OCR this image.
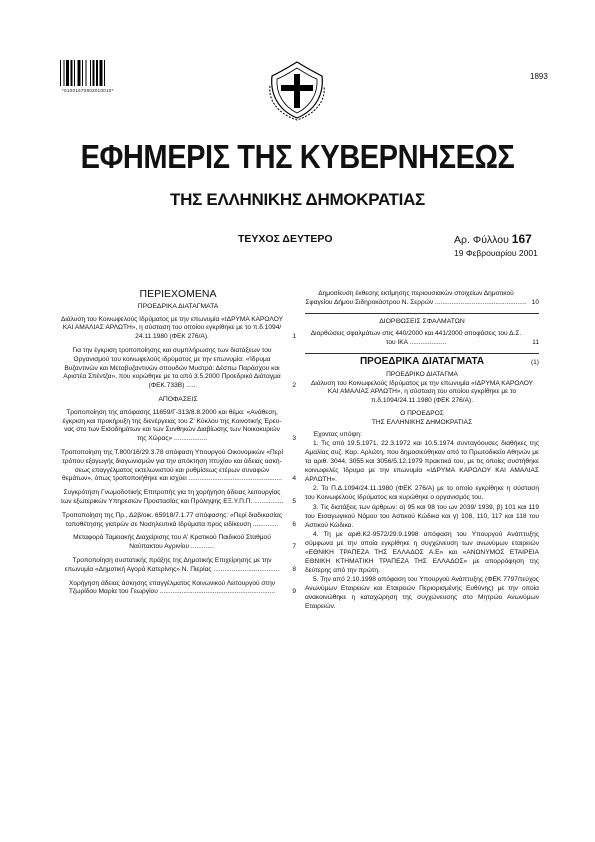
*01001670802010010*
1893
ΕΦΗΜΕΡΙΣ ΤΗΣ ΚΥΒΕΡΝΗΣΕΩΣ
ΤΗΣ ΕΛΛΗΝΙΚΗΣ ΔΗΜΟΚΡΑΤΙΑΣ
ΤΕΥΧΟΣ ΔΕΥΤΕΡΟ	Αρ. Φύλλου 167
19 Φεβρουαρίου 2001
ΠΕΡΙΕΧΟΜΕΝΑ
ΠΡΟΕΔΡΙΚΑ ΔΙΑΤΑΓΜΑΤΑ
Διάλυση του Κοινωφελούς Ιδρύματος με την επωνυμία «ΙΔΡΥΜΑ ΚΑΡΟΛΟΥ ΚΑΙ ΑΜΑΛΙΑΣ ΑΡΛΩΤΗ», η σύσταση του οποίου εγκρίθηκε με το π.δ.1094/ 24.11.1980 (ΦΕΚ 276/Α).	1
Για την έγκριση τροποποίησης και συμπλήρωσης των διατάξεων του Οργανισμού του κοινωφελούς ιδρύματος με την επωνυμία: «Ίδρυμα Βυζαντινών και Μεταβυζαντινών σπουδών Μυστρά: Δέσπω Παράσχου και Αριστέα Σπέντζα», που κυρώθηκε με το από 3.5.2000 Προεδρικό Διάταγμα (ΦΕΚ.733Β) .....	2
ΑΠΟΦΑΣΕΙΣ
Τροποποίηση της απόφασης 11659/Γ-313/8.8.2000 και θέμα: «Ανάθεση, έγκριση και προκήρυξη της διενέργειας του Ζ' Κύκλου της Κοινοτικής Έρευνας στο των Εισοδημάτων και των Συνθηκών Διαβίωσης των Νοικοκυριών της Χώρας» ..................	3
Τροποποίηση της Τ.800/16/29.3.78 απόφαση Υπουργού Οικονομικών «Περί τρόπου εξαγωγής διαγωνισμών για την απόκτηση πτυχίου και άδειας ασκήσεως επαγγέλματος εκτελωνιστού και ρυθμίσεως ετέρων συναφών θεμάτων», όπως τροποποιήθηκε και ισχύει ................................................... 4
Συγκρότηση Γνωμοδοτικής Επιτροπής για τη χορήγηση άδειας λειτουργίας των εξωτερικών Υπηρεσιών Προστασίας και Πρόληψης ΕΞ.Υ.Π.Π. ................ 5
Τροποποίηση της Πρ., Δ2β/οικ. 65918/7.1.77 απόφασης: «Περί διαδικασίας τοποθέτησης γιατρών σε Νοσηλευτικά Ιδρύματα προς ειδίκευση .............. 6
Μεταφορά Ταμειακής Διαχείρισης του Α' Κρατικού Παιδικού Σταθμού Ναύπακτου Αγρινίου .............	7
Τροποποίηση συστατικής πράξης της Δημοτικής Επιχείρησης με την επωνυμία «Δημοτική Αγορά Κατερίνης» Ν. Πιερίας .................................... 8
Χορήγηση άδειας άσκησης επαγγέλματος Κοινωνικού Λειτουργού στην Τζωρίδου Μαρία του Γεωργίου ...............................................................	9
Δημοσίευση έκθεσης εκτίμησης περιουσιακών στοιχείων Δημοτικού Σφαγείου Δήμου Σιδηροκάστρου Ν. Σερρών .................................................. 10
ΔΙΟΡΘΩΣΕΙΣ ΣΦΑΛΜΑΤΩΝ
Διορθώσεις σφαλμάτων στις 440/2000 και 441/2000 αποφάσεις του Δ.Σ. του ΙΚΑ ....................	11
ΠΡΟΕΔΡΙΚΑ ΔΙΑΤΑΓΜΑΤΑ	(1)
ΠΡΟΕΔΡΙΚΟ ΔΙΑΤΑΓΜΑ
Διάλυση του Κοινωφελούς Ιδρύματος με την επωνυμία «ΙΔΡΥΜΑ ΚΑΡΟΛΟΥ ΚΑΙ ΑΜΑΛΙΑΣ ΑΡΛΩΤΗ», η σύσταση του οποίου εγκρίθηκε με το π.δ.1094/24.11.1980 (ΦΕΚ 276/Α).
Ο ΠΡΟΕΔΡΟΣ
ΤΗΣ ΕΛΛΗΝΙΚΗΣ ΔΗΜΟΚΡΑΤΙΑΣ

Έχοντας υπόψη:

1. Τις από 19.5.1971, 22.3.1972 και 10.5.1974 συνταγόουσες διαθήκες της Αμαλίας συζ. Καρ. Αρλώτη, που δημοσιεύθηκαν από το Πρωτοδικείο Αθηνών με τα αριθ. 3044, 3055 και 3056/5.12.1979 πρακτικά του, με τις οποίες συστήθηκε κοινωφελές Ίδρυμα με την επωνυμία «ΙΔΡΥΜΑ ΚΑΡΟΛΟΥ ΚΑΙ ΑΜΑΛΙΑΣ ΑΡΛΩΤΗ».

2. Το Π.Δ.1094/24.11.1980 (ΦΕΚ 276/Α) με το οποίο εγκρίθηκε η σύσταση του Κοινωφελούς Ιδρύματος και κυρώθηκε ο οργανισμός του.

3. Τις διατάξεις των άρθρων: α) 95 και 98 του ων 2039/ 1939, β) 101 και 119 του Εισαγωγικού Νόμου του Αστικού Κώδικα και γ) 108, 110, 117 και 118 του Αστικού Κώδικα.

4. Τη με αριθ.Κ2-9572/29.9.1998 απόφαση του Υπουργού Ανάπτυξης σύμφωνα με την οποία εγκρίθηκε η συγχώνευση των ανωνύμων εταιρειών «ΕΘΝΙΚΗ ΤΡΑΠΕΖΑ ΤΗΣ ΕΛΛΑΔΟΣ Α.Ε» και «ΑΝΩΝΥΜΟΣ ΕΤΑΙΡΕΙΑ ΕΘΝΙΚΗ ΚΤΗΜΑΤΙΚΗ ΤΡΑΠΕΖΑ ΤΗΣ ΕΛΛΑΔΟΣ» με απορρόφηση της δεύτερης από την πρώτη.

5. Την από 2.10.1998 απόφαση του Υπουργού Ανάπτυξης (ΦΕΚ 7797/τεύχος Ανωνύμων Εταιρειών και Εταιρειών Περιορισμένης Ευθύνης) με την οποία ανακοινώθηκε η καταχώρηση της συγχώνευσης στο Μητρώο Ανωνύμων Εταιρειών.
